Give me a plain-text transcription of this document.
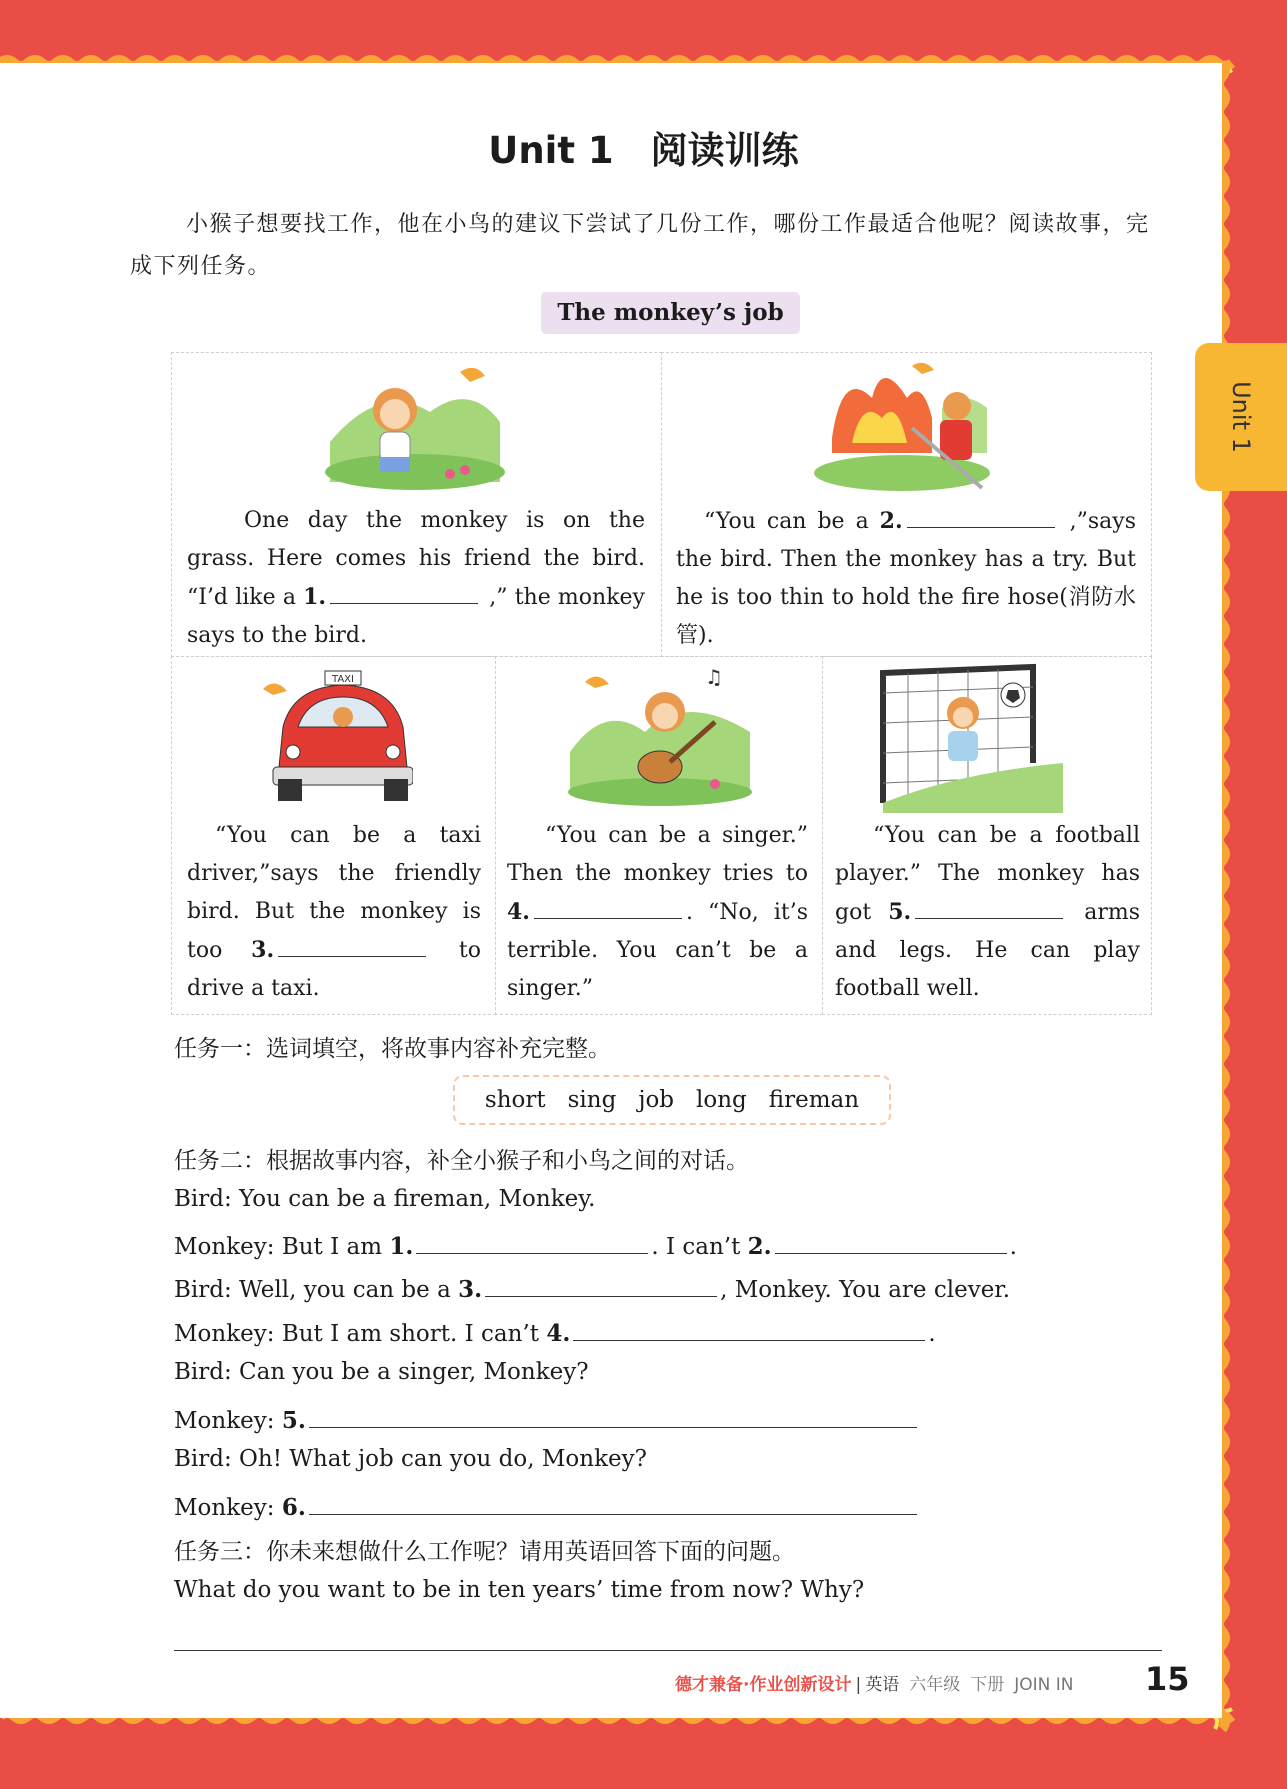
Unit 1
Unit 1　阅读训练

小猴子想要找工作，他在小鸟的建议下尝试了几份工作，哪份工作最适合他呢？阅读故事，完成下列任务。

The monkey’s job
TAXI	♫

One day the monkey is on the grass. Here comes his friend the bird. “I’d like a 1.	,” the monkey says to the bird.

“You can be a 2.	,”says the bird. Then the monkey has a try. But he is too thin to hold the fire hose(消防水管).

“You can be a taxi driver,”says the friendly bird. But the monkey is too 3.	to drive a taxi.

“You can be a singer.” Then the monkey tries to 4.	. “No, it’s terrible. You can’t be a singer.”

“You can be a football player.” The monkey has got 5.	arms and legs. He can play football well.

任务一：选词填空，将故事内容补充完整。

short sing job long fireman

任务二：根据故事内容，补全小猴子和小鸟之间的对话。

Bird: You can be a fireman, Monkey.

Monkey: But I am 1.	. I can’t 2.	.

Bird: Well, you can be a 3.	, Monkey. You are clever.

Monkey: But I am short. I can’t 4.	.

Bird: Can you be a singer, Monkey?

Monkey: 5.

Bird: Oh! What job can you do, Monkey?

Monkey: 6.

任务三：你未来想做什么工作呢？请用英语回答下面的问题。

What do you want to be in ten years’ time from now? Why?

德才兼备·作业创新设计 | 英语 六年级 下册 JOIN IN 15
